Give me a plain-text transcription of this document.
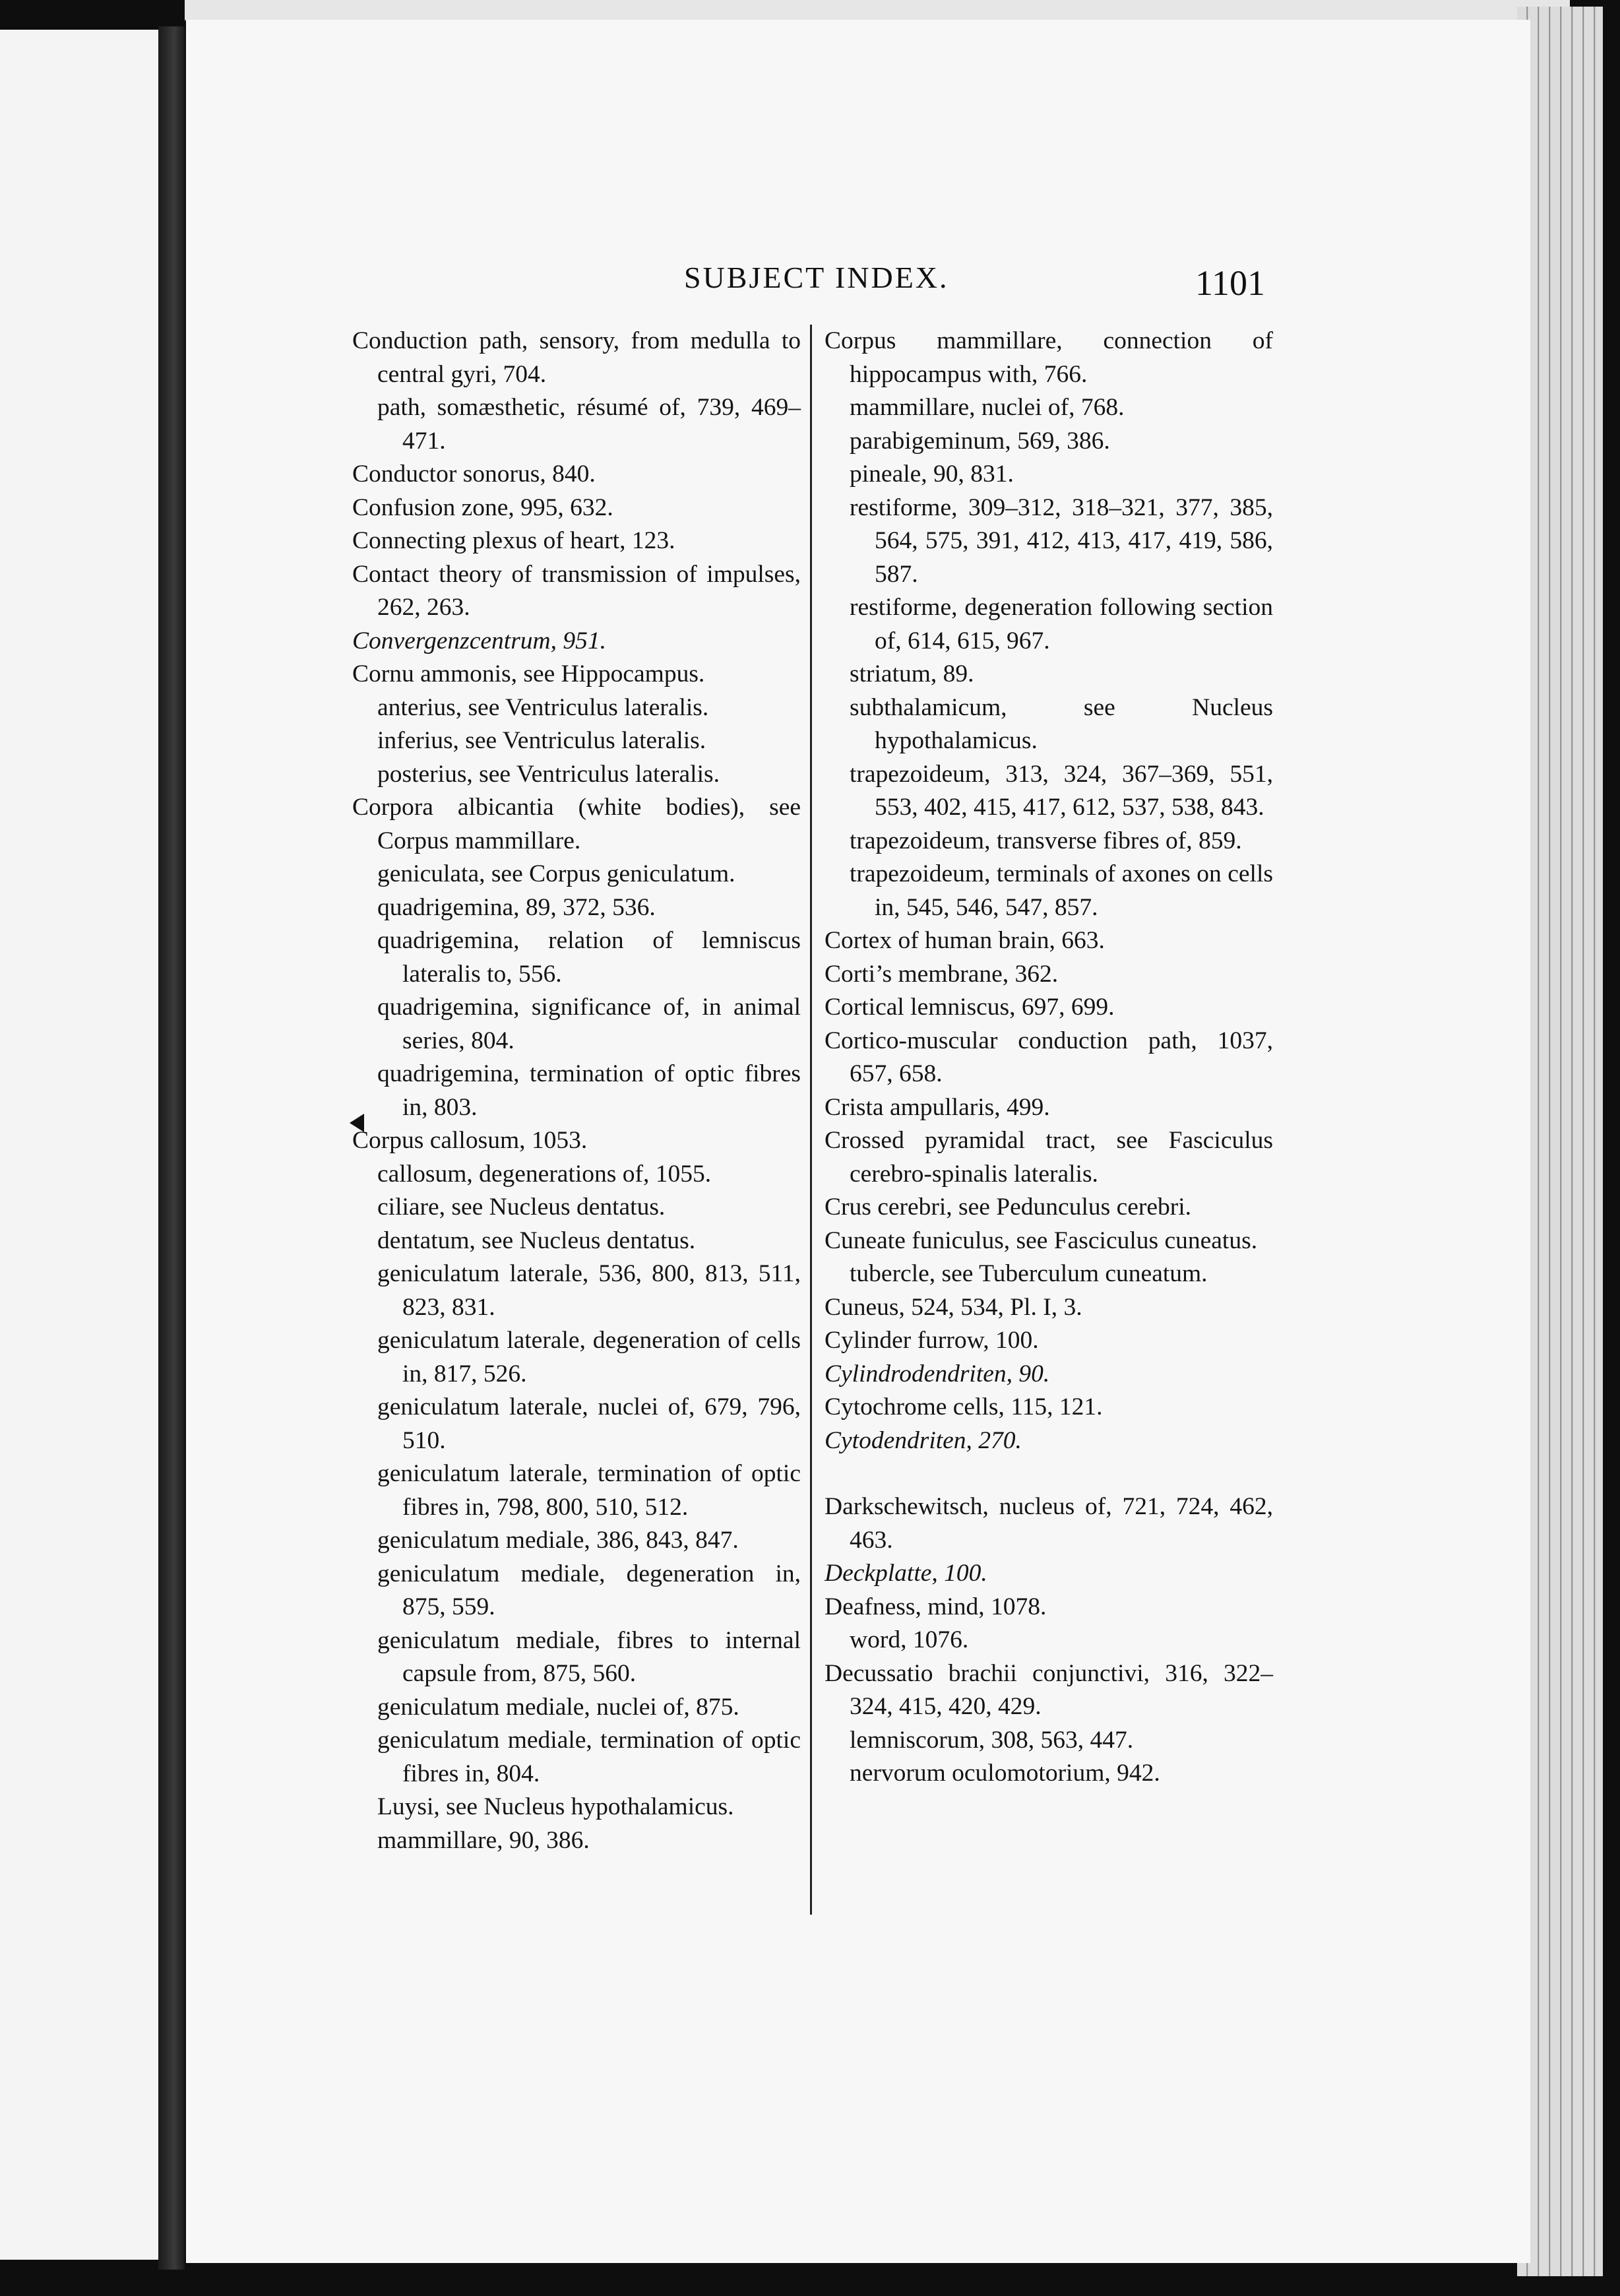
SUBJECT INDEX.	1101
Conduction path, sensory, from medulla to central gyri, 704.
path, somæsthetic, résumé of, 739, 469–471.
Conductor sonorus, 840.
Confusion zone, 995, 632.
Connecting plexus of heart, 123.
Contact theory of transmission of impulses, 262, 263.
Convergenzcentrum, 951.
Cornu ammonis, see Hippocampus.
anterius, see Ventriculus lateralis.
inferius, see Ventriculus lateralis.
posterius, see Ventriculus lateralis.
Corpora albicantia (white bodies), see Corpus mammillare.
geniculata, see Corpus geniculatum.
quadrigemina, 89, 372, 536.
quadrigemina, relation of lemniscus lateralis to, 556.
quadrigemina, significance of, in animal series, 804.
quadrigemina, termination of optic fibres in, 803.
Corpus callosum, 1053.
callosum, degenerations of, 1055.
ciliare, see Nucleus dentatus.
dentatum, see Nucleus dentatus.
geniculatum laterale, 536, 800, 813, 511, 823, 831.
geniculatum laterale, degeneration of cells in, 817, 526.
geniculatum laterale, nuclei of, 679, 796, 510.
geniculatum laterale, termination of optic fibres in, 798, 800, 510, 512.
geniculatum mediale, 386, 843, 847.
geniculatum mediale, degeneration in, 875, 559.
geniculatum mediale, fibres to internal capsule from, 875, 560.
geniculatum mediale, nuclei of, 875.
geniculatum mediale, termination of optic fibres in, 804.
Luysi, see Nucleus hypothalamicus.
mammillare, 90, 386.
Corpus mammillare, connection of hippocampus with, 766.
mammillare, nuclei of, 768.
parabigeminum, 569, 386.
pineale, 90, 831.
restiforme, 309–312, 318–321, 377, 385, 564, 575, 391, 412, 413, 417, 419, 586, 587.
restiforme, degeneration following section of, 614, 615, 967.
striatum, 89.
subthalamicum, see Nucleus hypothalamicus.
trapezoideum, 313, 324, 367–369, 551, 553, 402, 415, 417, 612, 537, 538, 843.
trapezoideum, transverse fibres of, 859.
trapezoideum, terminals of axones on cells in, 545, 546, 547, 857.
Cortex of human brain, 663.
Corti’s membrane, 362.
Cortical lemniscus, 697, 699.
Cortico-muscular conduction path, 1037, 657, 658.
Crista ampullaris, 499.
Crossed pyramidal tract, see Fasciculus cerebro-spinalis lateralis.
Crus cerebri, see Pedunculus cerebri.
Cuneate funiculus, see Fasciculus cuneatus.
tubercle, see Tuberculum cuneatum.
Cuneus, 524, 534, Pl. I, 3.
Cylinder furrow, 100.
Cylindrodendriten, 90.
Cytochrome cells, 115, 121.
Cytodendriten, 270.
Darkschewitsch, nucleus of, 721, 724, 462, 463.
Deckplatte, 100.
Deafness, mind, 1078.
word, 1076.
Decussatio brachii conjunctivi, 316, 322–324, 415, 420, 429.
lemniscorum, 308, 563, 447.
nervorum oculomotorium, 942.
